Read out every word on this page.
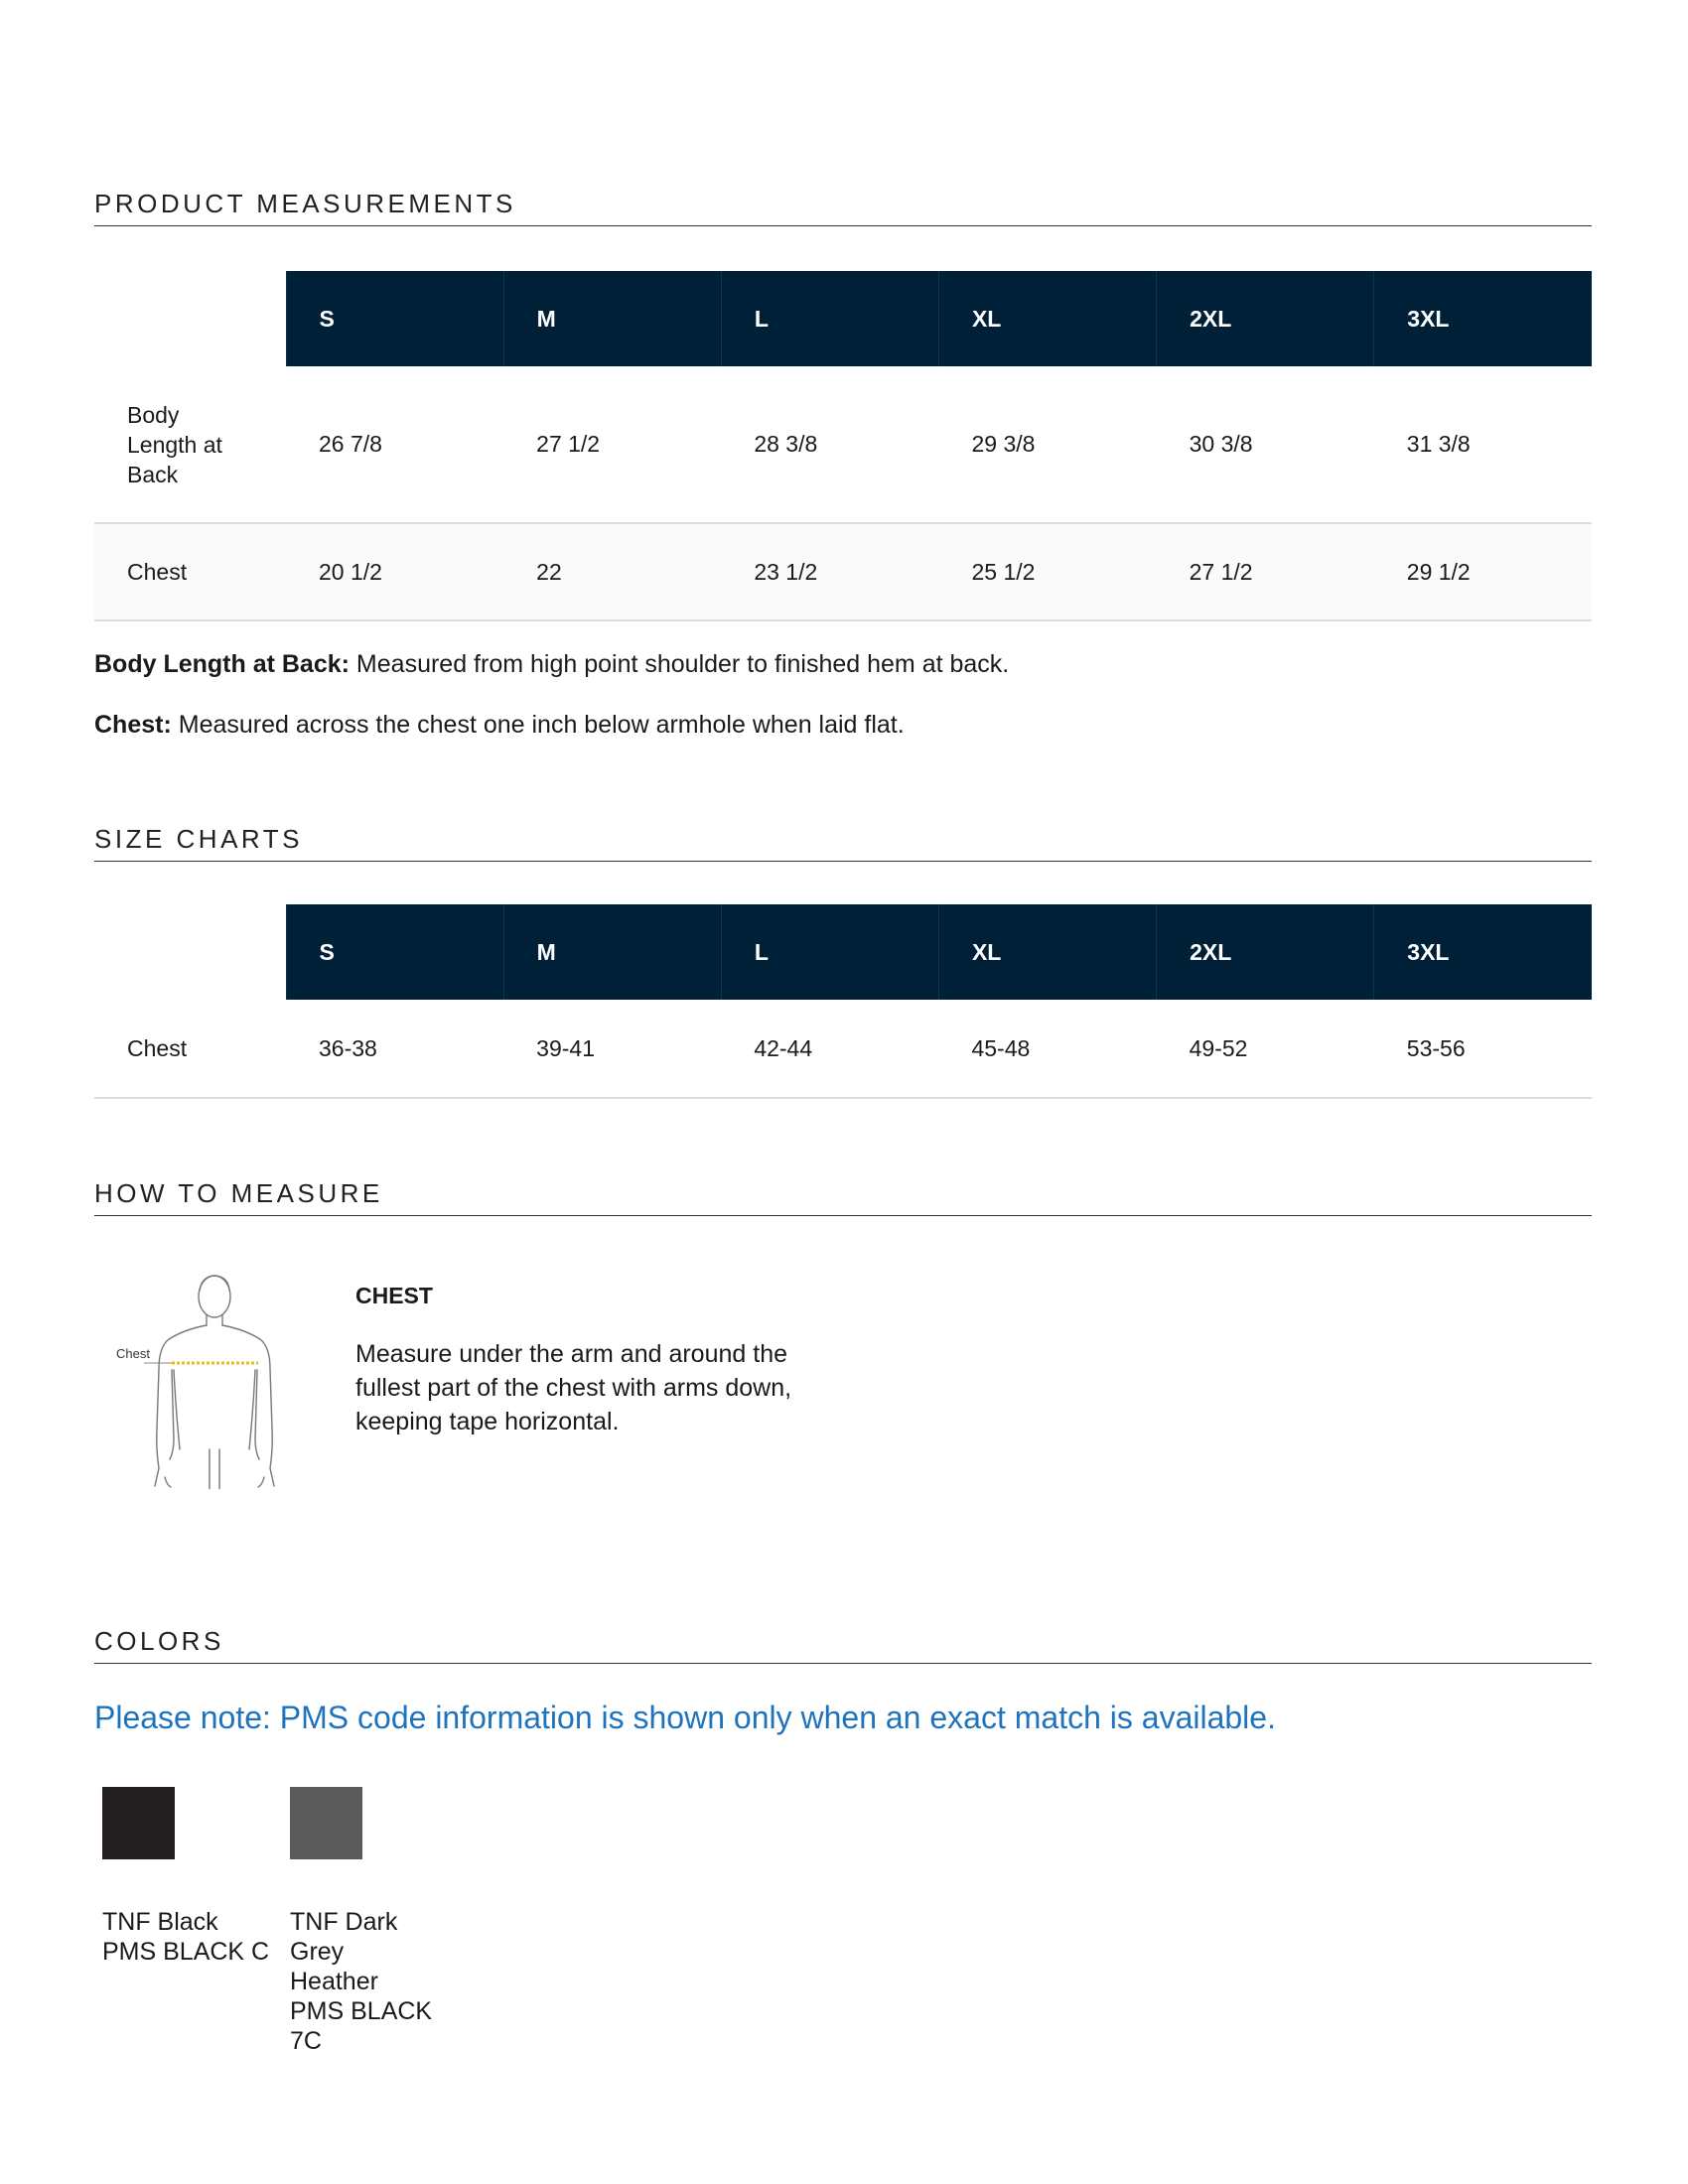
PRODUCT MEASUREMENTS
	S	M	L	XL	2XL	3XL

Body Length at Back	26 7/8	27 1/2	28 3/8	29 3/8	30 3/8	31 3/8
Chest	20 1/2	22	23 1/2	25 1/2	27 1/2	29 1/2

Body Length at Back: Measured from high point shoulder to finished hem at back.

Chest: Measured across the chest one inch below armhole when laid flat.

SIZE CHARTS
	S	M	L	XL	2XL	3XL
Chest	36-38	39-41	42-44	45-48	49-52	53-56
HOW TO MEASURE
Chest
CHEST

Measure under the arm and around the fullest part of the chest with arms down, keeping tape horizontal.

COLORS

Please note: PMS code information is shown only when an exact match is available.

TNF Black
PMS BLACK C
TNF Dark Grey Heather
PMS BLACK 7C
